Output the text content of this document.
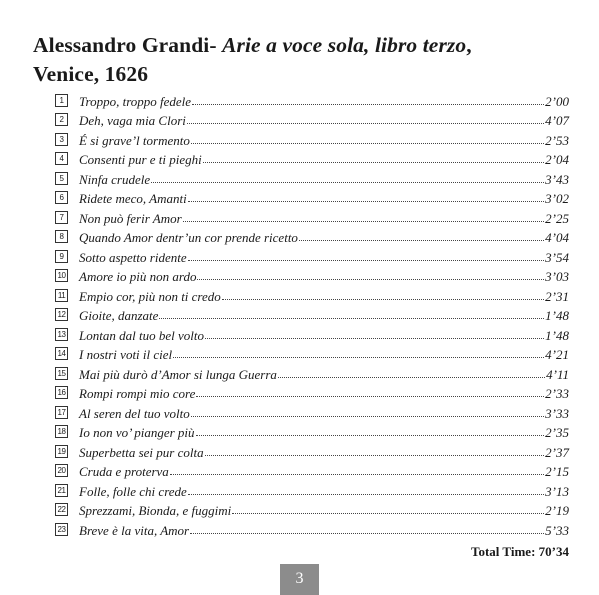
Alessandro Grandi- Arie a voce sola, libro terzo,
Venice, 1626
1	Troppo, troppo fedele	2’00
2	Deh, vaga mia Clori	4’07
3	É si grave’l tormento	2’53
4	Consenti pur e ti pieghi	2’04
5	Ninfa crudele	3’43
6	Ridete meco, Amanti	3’02
7	Non può ferir Amor	2’25
8	Quando Amor dentr’un cor prende ricetto	4’04
9	Sotto aspetto ridente	3’54
10 Amore io più non ardo	3’03
11 Empio cor, più non ti credo	2’31
12 Gioite, danzate	1’48
13 Lontan dal tuo bel volto	1’48
14 I nostri voti il ciel	4’21
15 Mai più durò d’Amor si lunga Guerra	4’11
16 Rompi rompi mio core	2’33
17 Al seren del tuo volto	3’33
18 Io non vo’ pianger più	2’35
19 Superbetta sei pur colta	2’37
20 Cruda e proterva	2’15
21 Folle, folle chi crede	3’13
22 Sprezzami, Bionda, e fuggimi	2’19
23 Breve è la vita, Amor	5’33
Total Time: 70’34
3
